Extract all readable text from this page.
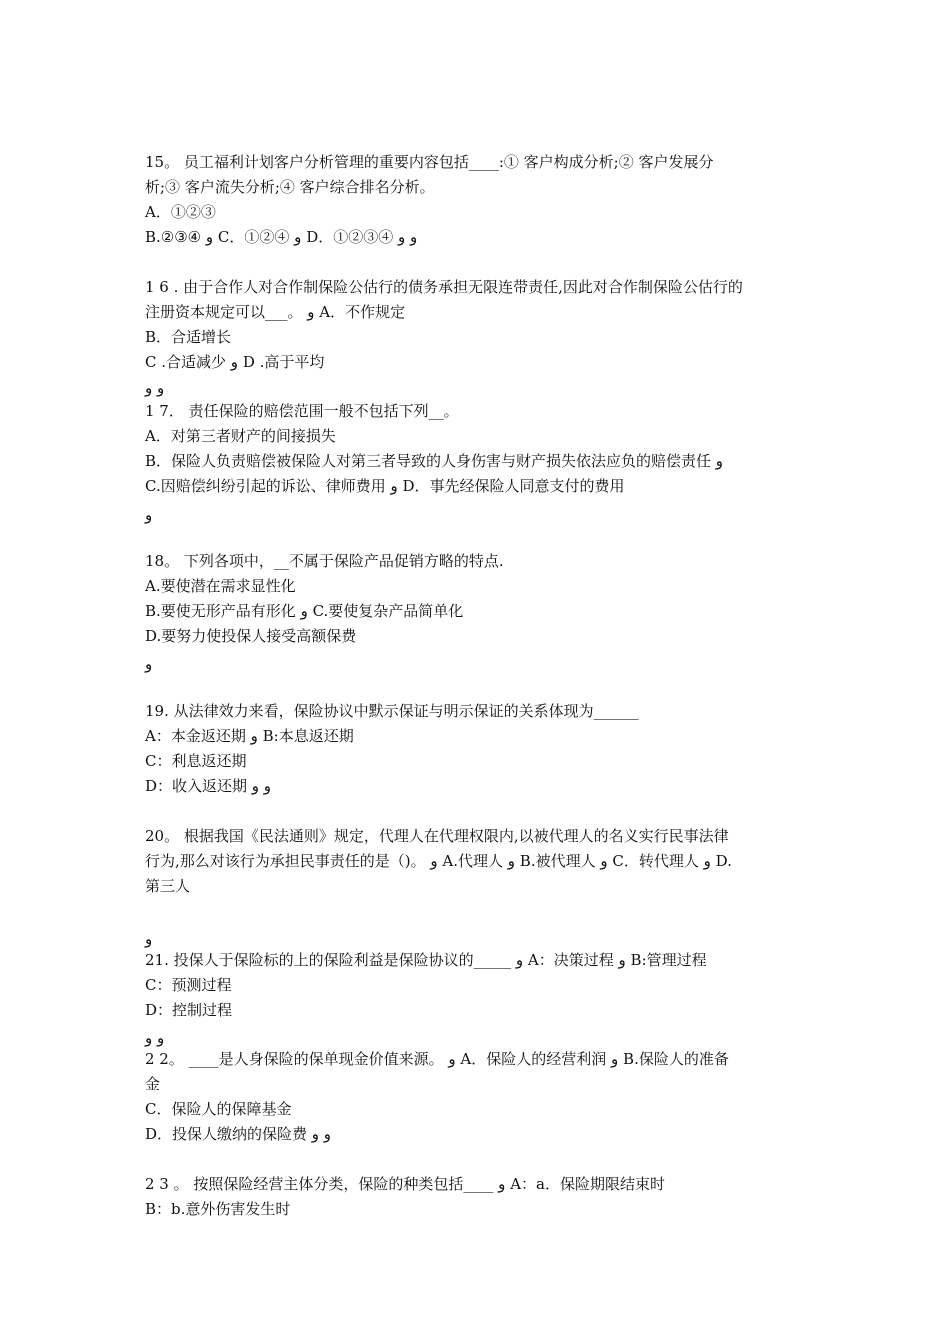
15。 员工福利计划客户分析管理的重要内容包括____:① 客户构成分析;② 客户发展分
析;③ 客户流失分析;④ 客户综合排名分析。
A．①②③
B.②③④ و C．①②④ و D．①②③④ و و
1 6 . 由于合作人对合作制保险公估行的债务承担无限连带责任,因此对合作制保险公估行的
注册资本规定可以___。 و A．不作规定
B．合适增长
C .合适减少 و D .高于平均
و و
1 7． 责任保险的赔偿范围一般不包括下列__。
A．对第三者财产的间接损失
B．保险人负责赔偿被保险人对第三者导致的人身伤害与财产损失依法应负的赔偿责任 و
C.因赔偿纠纷引起的诉讼、律师费用 و D．事先经保险人同意支付的费用
و
18。 下列各项中，__不属于保险产品促销方略的特点.
A.要使潜在需求显性化
B.要使无形产品有形化 و C.要使复杂产品简单化
D.要努力使投保人接受高额保费
و
19. 从法律效力来看，保险协议中默示保证与明示保证的关系体现为______
A：本金返还期 و B:本息返还期
C：利息返还期
D：收入返还期 و و
20。 根据我国《民法通则》规定，代理人在代理权限内,以被代理人的名义实行民事法律
行为,那么对该行为承担民事责任的是（)。 و A.代理人 و B.被代理人 و C．转代理人 و D.
第三人
و
21. 投保人于保险标的上的保险利益是保险协议的_____ و A：决策过程 و B:管理过程
C：预测过程
D：控制过程
و و
2 2。 ____是人身保险的保单现金价值来源。 و A．保险人的经营利润 و B.保险人的准备
金
C．保险人的保障基金
D．投保人缴纳的保险费 و و
2 3 。 按照保险经营主体分类，保险的种类包括____ و A：a．保险期限结束时
B：b.意外伤害发生时
